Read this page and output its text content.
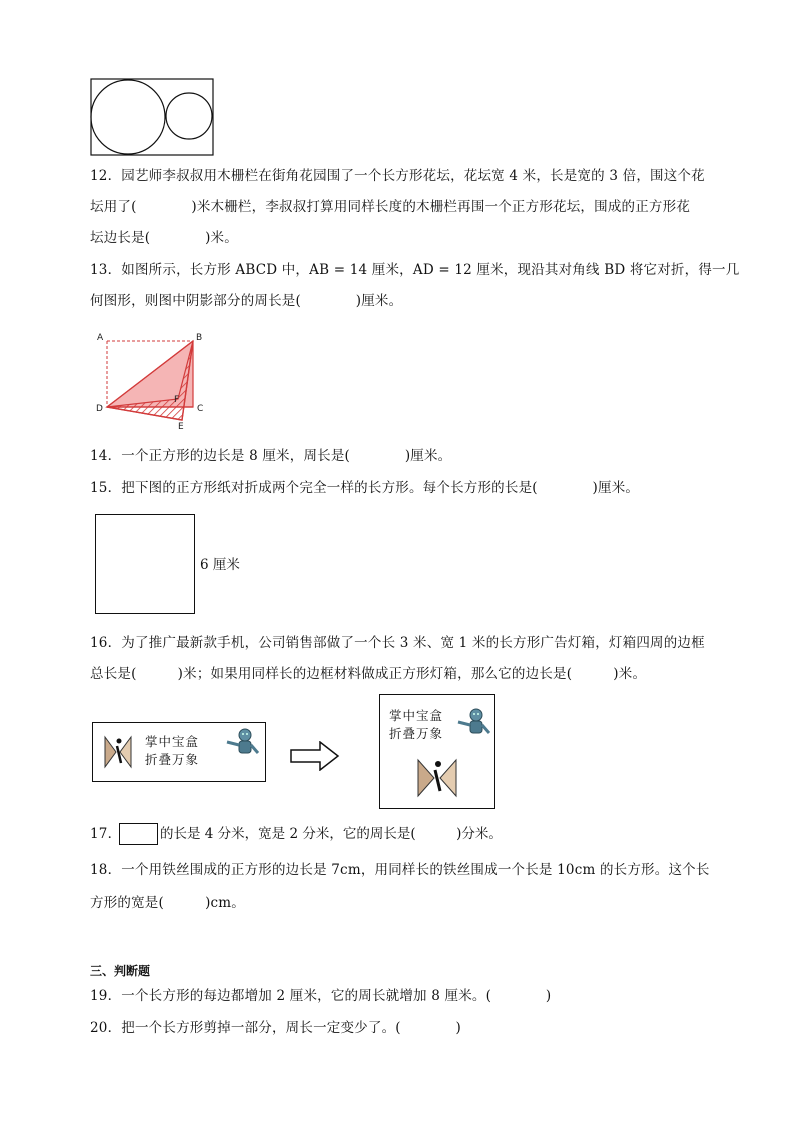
12．园艺师李叔叔用木栅栏在街角花园围了一个长方形花坛，花坛宽 4 米，长是宽的 3 倍，围这个花
坛用了(　　　　)米木栅栏，李叔叔打算用同样长度的木栅栏再围一个正方形花坛，围成的正方形花
坛边长是(　　　　)米。
13．如图所示，长方形 ABCD 中，AB = 14 厘米，AD = 12 厘米，现沿其对角线 BD 将它对折，得一几
何图形，则图中阴影部分的周长是(　　　　)厘米。
A	B
C
D
E
F
14．一个正方形的边长是 8 厘米，周长是(　　　　)厘米。
15．把下图的正方形纸对折成两个完全一样的长方形。每个长方形的长是(　　　　)厘米。
6 厘米
16．为了推广最新款手机，公司销售部做了一个长 3 米、宽 1 米的长方形广告灯箱，灯箱四周的边框
总长是(　　　)米；如果用同样长的边框材料做成正方形灯箱，那么它的边长是(　　　)米。
掌中宝盒
折叠万象
掌中宝盒
折叠万象
17．	的长是 4 分米，宽是 2 分米，它的周长是(　　　)分米。
18．一个用铁丝围成的正方形的边长是 7cm，用同样长的铁丝围成一个长是 10cm 的长方形。这个长
方形的宽是(　　　)cm。
三、判断题
19．一个长方形的每边都增加 2 厘米，它的周长就增加 8 厘米。(　　　　)
20．把一个长方形剪掉一部分，周长一定变少了。(　　　　)
